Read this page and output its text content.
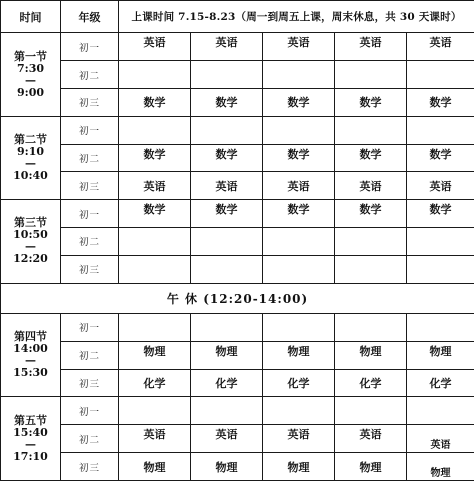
时间	年级	上课时间 7.15-8.23（周一到周五上课，周末休息，共 30 天课时）				

第一节
7:30
—
9:00	初一	英语	英语	英语	英语	英语
	初二					
	初三	数学	数学	数学	数学	数学

第二节
9:10
—
10:40	初一					
	初二	数学	数学	数学	数学	数学
	初三	英语	英语	英语	英语	英语

第三节
10:50
—
12:20	初一	数学	数学	数学	数学	数学
	初二					
	初三					
午 休 (12:20-14:00)						

第四节
14:00
—
15:30	初一					
	初二	物理	物理	物理	物理	物理
	初三	化学	化学	化学	化学	化学

第五节
15:40
—
17:10	初一					
	初二	英语	英语	英语	英语	英语
	初三	物理	物理	物理	物理	物理
